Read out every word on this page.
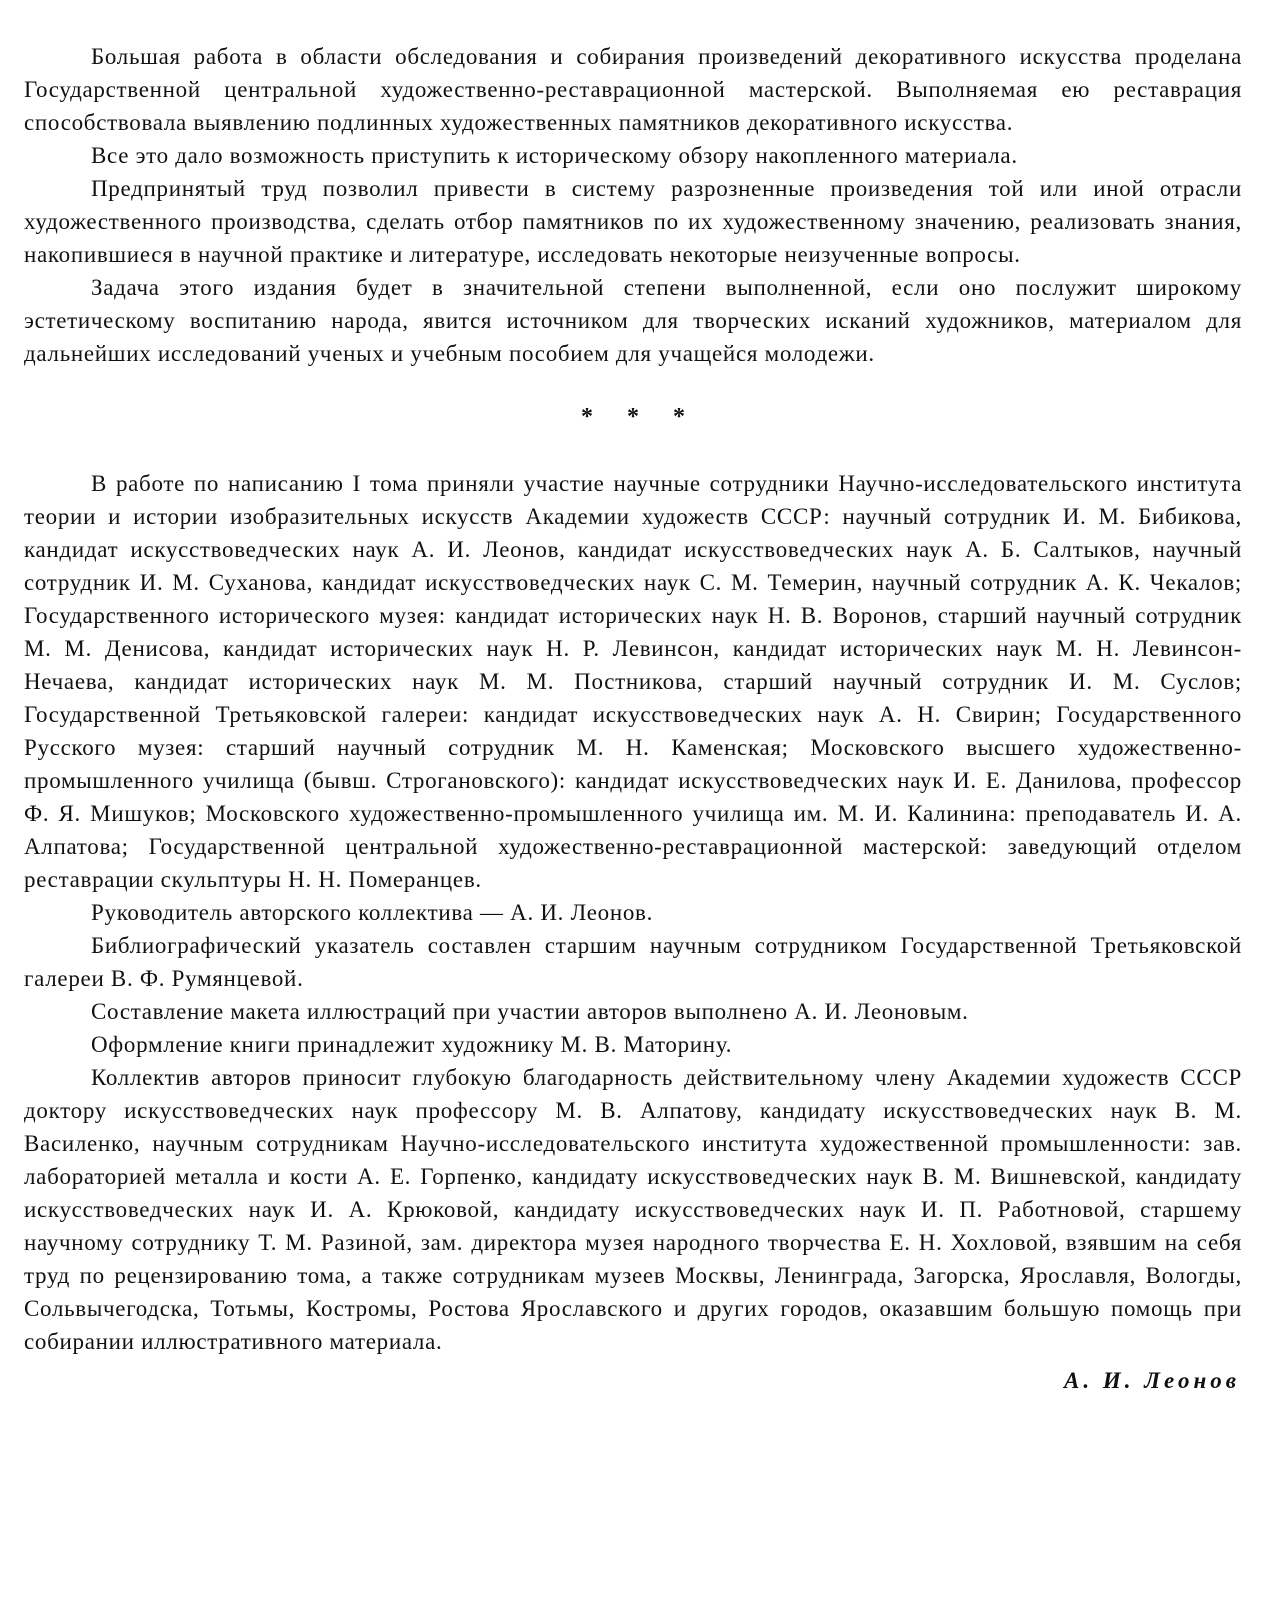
Большая работа в области обследования и собирания произведений декоративного искусства проделана Государственной центральной художественно-реставрационной мастерской. Выполняемая ею реставрация способствовала выявлению подлинных художественных памятников декоративного искусства.

Все это дало возможность приступить к историческому обзору накопленного материала.

Предпринятый труд позволил привести в систему разрозненные произведения той или иной отрасли художественного производства, сделать отбор памятников по их художественному значению, реализовать знания, накопившиеся в научной практике и литературе, исследовать некоторые неизученные вопросы.

Задача этого издания будет в значительной степени выполненной, если оно послужит широкому эстетическому воспитанию народа, явится источником для творческих исканий художников, материалом для дальнейших исследований ученых и учебным пособием для учащейся молодежи.

* * *

В работе по написанию I тома приняли участие научные сотрудники Научно-исследовательского института теории и истории изобразительных искусств Академии художеств СССР: научный сотрудник И. М. Бибикова, кандидат искусствоведческих наук А. И. Леонов, кандидат искусствоведческих наук А. Б. Салтыков, научный сотрудник И. М. Суханова, кандидат искусствоведческих наук С. М. Темерин, научный сотрудник А. К. Чекалов; Государственного исторического музея: кандидат исторических наук Н. В. Воронов, старший научный сотрудник М. М. Денисова, кандидат исторических наук Н. Р. Левинсон, кандидат исторических наук М. Н. Левинсон-Нечаева, кандидат исторических наук М. М. Постникова, старший научный сотрудник И. М. Суслов; Государственной Третьяковской галереи: кандидат искусствоведческих наук А. Н. Свирин; Государственного Русского музея: старший научный сотрудник М. Н. Каменская; Московского высшего художественно-промышленного училища (бывш. Строгановского): кандидат искусствоведческих наук И. Е. Данилова, профессор Ф. Я. Мишуков; Московского художественно-промышленного училища им. М. И. Калинина: преподаватель И. А. Алпатова; Государственной центральной художественно-реставрационной мастерской: заведующий отделом реставрации скульптуры Н. Н. Померанцев.

Руководитель авторского коллектива — А. И. Леонов.

Библиографический указатель составлен старшим научным сотрудником Государственной Третьяковской галереи В. Ф. Румянцевой.

Составление макета иллюстраций при участии авторов выполнено А. И. Леоновым.

Оформление книги принадлежит художнику М. В. Маторину.

Коллектив авторов приносит глубокую благодарность действительному члену Академии художеств СССР доктору искусствоведческих наук профессору М. В. Алпатову, кандидату искусствоведческих наук В. М. Василенко, научным сотрудникам Научно-исследовательского института художественной промышленности: зав. лабораторией металла и кости А. Е. Горпенко, кандидату искусствоведческих наук В. М. Вишневской, кандидату искусствоведческих наук И. А. Крюковой, кандидату искусствоведческих наук И. П. Работновой, старшему научному сотруднику Т. М. Разиной, зам. директора музея народного творчества Е. Н. Хохловой, взявшим на себя труд по рецензированию тома, а также сотрудникам музеев Москвы, Ленинграда, Загорска, Ярославля, Вологды, Сольвычегодска, Тотьмы, Костромы, Ростова Ярославского и других городов, оказавшим большую помощь при собирании иллюстративного материала.

А. И. Леонов
